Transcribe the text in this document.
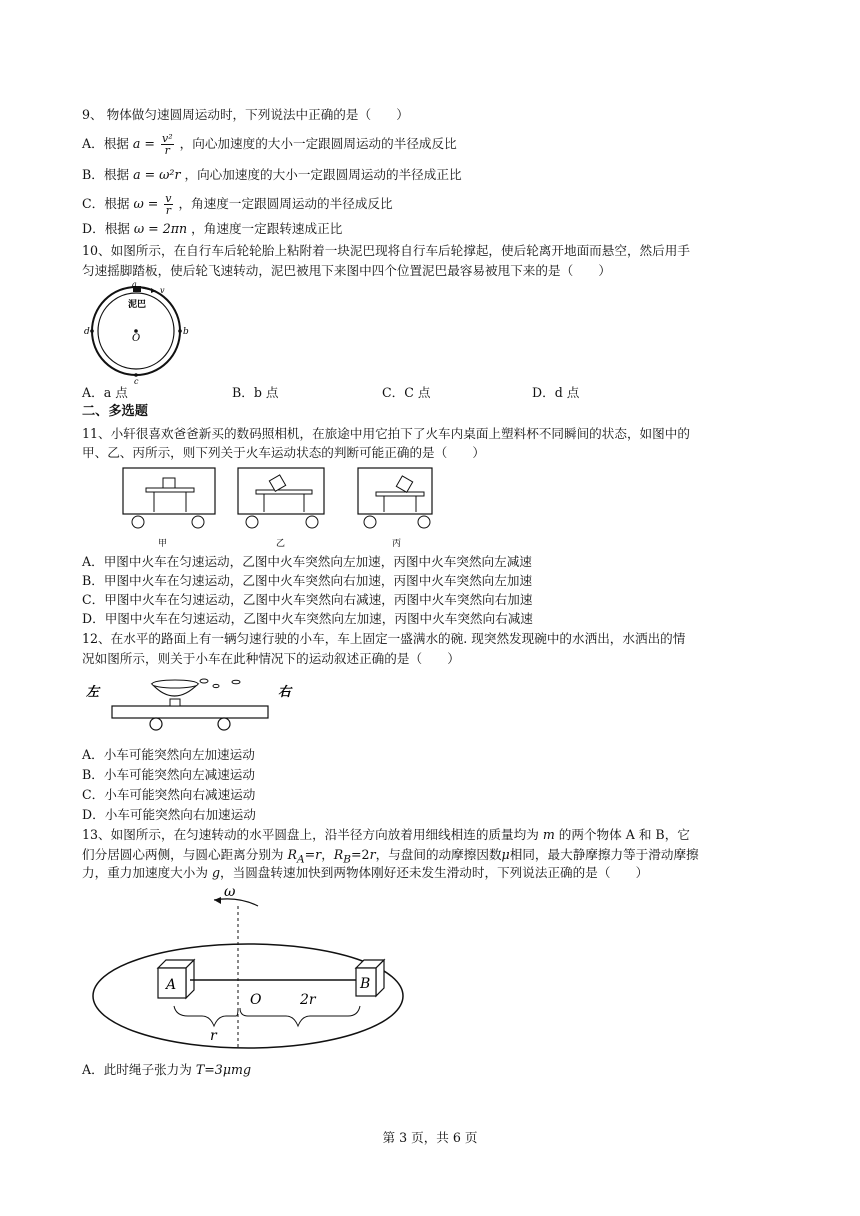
9、 物体做匀速圆周运动时，下列说法中正确的是（　　）
A．根据 $a = \frac{\text{v²}}{r}$ ，向心加速度的大小一定跟圆周运动的半径成反比
B．根据 a = ω²r ，向心加速度的大小一定跟圆周运动的半径成正比
C．根据 $\omega = \frac{v}{r}$ ，角速度一定跟圆周运动的半径成反比
D．根据 ω = 2πn ，角速度一定跟转速成正比
10、如图所示，在自行车后轮轮胎上粘附着一块泥巴现将自行车后轮撑起，使后轮离开地面而悬空，然后用手
匀速摇脚踏板，使后轮飞速转动，泥巴被甩下来图中四个位置泥巴最容易被甩下来的是（　　）
a
v
泥巴
O
d	b
c
A．a 点	B．b 点	C．C 点	D．d 点
二、多选题
11、小轩很喜欢爸爸新买的数码照相机，在旅途中用它拍下了火车内桌面上塑料杯不同瞬间的状态，如图中的
甲、乙、丙所示，则下列关于火车运动状态的判断可能正确的是（　　）
甲	乙	丙
A．甲图中火车在匀速运动，乙图中火车突然向左加速，丙图中火车突然向左减速
B．甲图中火车在匀速运动，乙图中火车突然向右加速，丙图中火车突然向左加速
C．甲图中火车在匀速运动，乙图中火车突然向右减速，丙图中火车突然向右加速
D．甲图中火车在匀速运动，乙图中火车突然向左加速，丙图中火车突然向右减速
12、在水平的路面上有一辆匀速行驶的小车，车上固定一盛满水的碗. 现突然发现碗中的水洒出，水洒出的情
况如图所示，则关于小车在此种情况下的运动叙述正确的是（　　）
左	右
A．小车可能突然向左加速运动
B．小车可能突然向左减速运动
C．小车可能突然向右减速运动
D．小车可能突然向右加速运动
13、如图所示，在匀速转动的水平圆盘上，沿半径方向放着用细线相连的质量均为 m 的两个物体 A 和 B，它
们分居圆心两侧，与圆心距离分别为 $R_A=r$，$R_B=2r$，与盘间的动摩擦因数μ相同，最大静摩擦力等于滑动摩擦
力，重力加速度大小为 g，当圆盘转速加快到两物体刚好还未发生滑动时，下列说法正确的是（　　）
ω
A	B
O	2r
r
A．此时绳子张力为 T=3μmg
第 3 页，共 6 页
